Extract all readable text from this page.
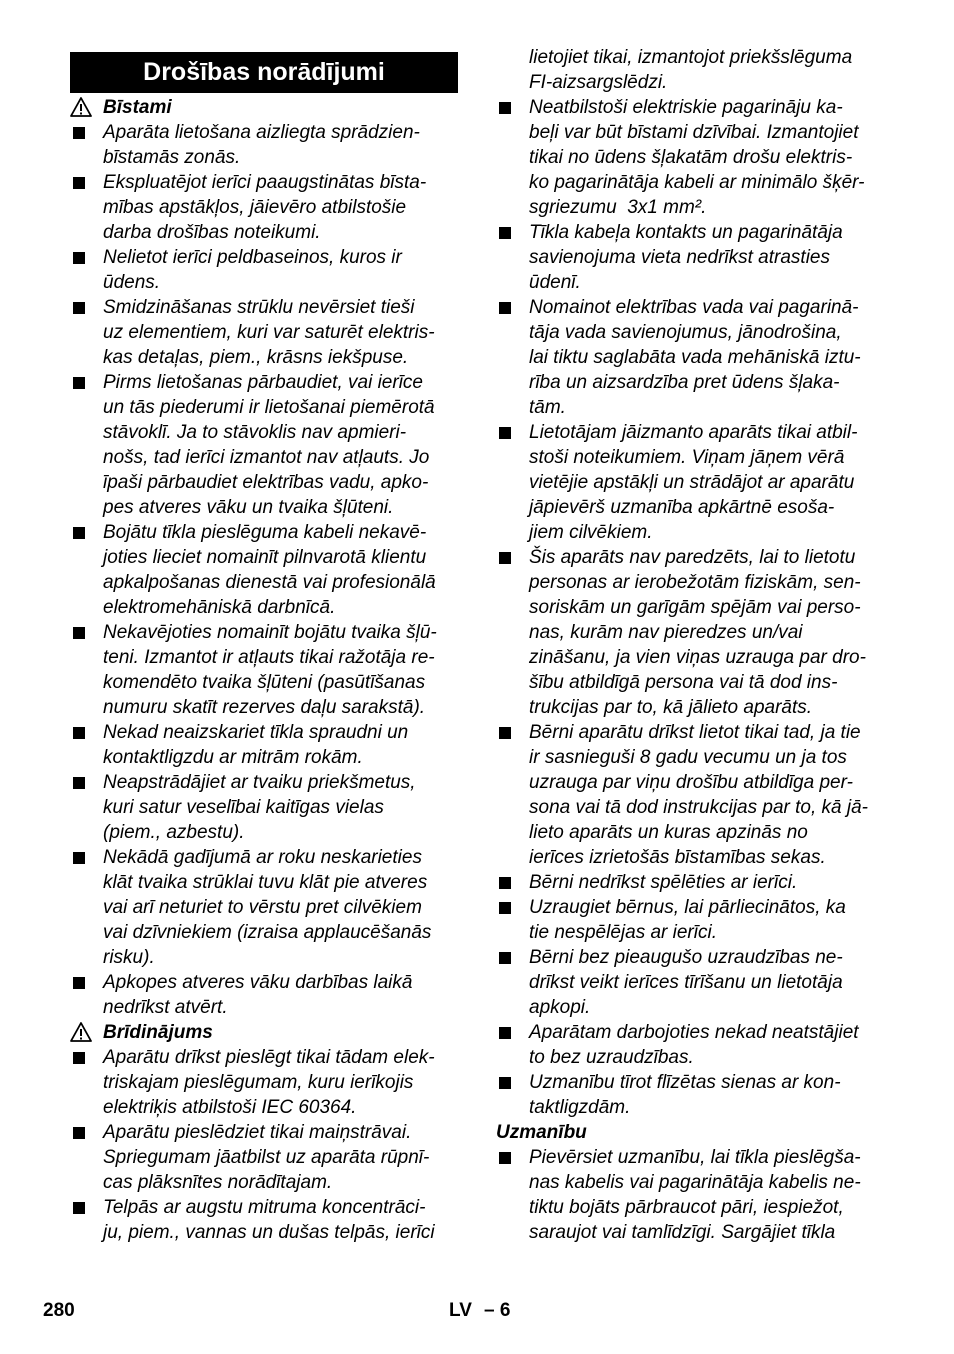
Drošības norādījumi
Bīstami
Aparāta lietošana aizliegta sprādzien-
bīstamās zonās.
Ekspluatējot ierīci paaugstinātas bīsta-
mības apstākļos, jāievēro atbilstošie
darba drošības noteikumi.
Nelietot ierīci peldbaseinos, kuros ir
ūdens.
Smidzināšanas strūklu nevērsiet tieši
uz elementiem, kuri var saturēt elektris-
kas detaļas, piem., krāsns iekšpuse.
Pirms lietošanas pārbaudiet, vai ierīce
un tās piederumi ir lietošanai piemērotā
stāvoklī. Ja to stāvoklis nav apmieri-
nošs, tad ierīci izmantot nav atļauts. Jo
īpaši pārbaudiet elektrības vadu, apko-
pes atveres vāku un tvaika šļūteni.
Bojātu tīkla pieslēguma kabeli nekavē-
joties lieciet nomainīt pilnvarotā klientu
apkalpošanas dienestā vai profesionālā
elektromehāniskā darbnīcā.
Nekavējoties nomainīt bojātu tvaika šļū-
teni. Izmantot ir atļauts tikai ražotāja re-
komendēto tvaika šļūteni (pasūtīšanas
numuru skatīt rezerves daļu sarakstā).
Nekad neaizskariet tīkla spraudni un
kontaktligzdu ar mitrām rokām.
Neapstrādājiet ar tvaiku priekšmetus,
kuri satur veselībai kaitīgas vielas
(piem., azbestu).
Nekādā gadījumā ar roku neskarieties
klāt tvaika strūklai tuvu klāt pie atveres
vai arī neturiet to vērstu pret cilvēkiem
vai dzīvniekiem (izraisa applaucēšanās
risku).
Apkopes atveres vāku darbības laikā
nedrīkst atvērt.
Brīdinājums
Aparātu drīkst pieslēgt tikai tādam elek-
triskajam pieslēgumam, kuru ierīkojis
elektriķis atbilstoši IEC 60364.
Aparātu pieslēdziet tikai maiņstrāvai.
Spriegumam jāatbilst uz aparāta rūpnī-
cas plāksnītes norādītajam.
Telpās ar augstu mitruma koncentrāci-
ju, piem., vannas un dušas telpās, ierīci
lietojiet tikai, izmantojot priekšslēguma
FI-aizsargslēdzi.
Neatbilstoši elektriskie pagarināju ka-
beļi var būt bīstami dzīvībai. Izmantojiet
tikai no ūdens šļakatām drošu elektris-
ko pagarinātāja kabeli ar minimālo šķēr-
sgriezumu  3x1 mm².
Tīkla kabeļa kontakts un pagarinātāja
savienojuma vieta nedrīkst atrasties
ūdenī.
Nomainot elektrības vada vai pagarinā-
tāja vada savienojumus, jānodrošina,
lai tiktu saglabāta vada mehāniskā iztu-
rība un aizsardzība pret ūdens šļaka-
tām.
Lietotājam jāizmanto aparāts tikai atbil-
stoši noteikumiem. Viņam jāņem vērā
vietējie apstākļi un strādājot ar aparātu
jāpievērš uzmanība apkārtnē esoša-
jiem cilvēkiem.
Šis aparāts nav paredzēts, lai to lietotu
personas ar ierobežotām fiziskām, sen-
soriskām un garīgām spējām vai perso-
nas, kurām nav pieredzes un/vai
zināšanu, ja vien viņas uzrauga par dro-
šību atbildīgā persona vai tā dod ins-
trukcijas par to, kā jālieto aparāts.
Bērni aparātu drīkst lietot tikai tad, ja tie
ir sasnieguši 8 gadu vecumu un ja tos
uzrauga par viņu drošību atbildīga per-
sona vai tā dod instrukcijas par to, kā jā-
lieto aparāts un kuras apzinās no
ierīces izrietošās bīstamības sekas.
Bērni nedrīkst spēlēties ar ierīci.
Uzraugiet bērnus, lai pārliecinātos, ka
tie nespēlējas ar ierīci.
Bērni bez pieaugušo uzraudzības ne-
drīkst veikt ierīces tīrīšanu un lietotāja
apkopi.
Aparātam darbojoties nekad neatstājiet
to bez uzraudzības.
Uzmanību tīrot flīzētas sienas ar kon-
taktligzdām.
Uzmanību
Pievērsiet uzmanību, lai tīkla pieslēgša-
nas kabelis vai pagarinātāja kabelis ne-
tiktu bojāts pārbraucot pāri, iespiežot,
saraujot vai tamlīdzīgi. Sargājiet tīkla
280	LV – 6
